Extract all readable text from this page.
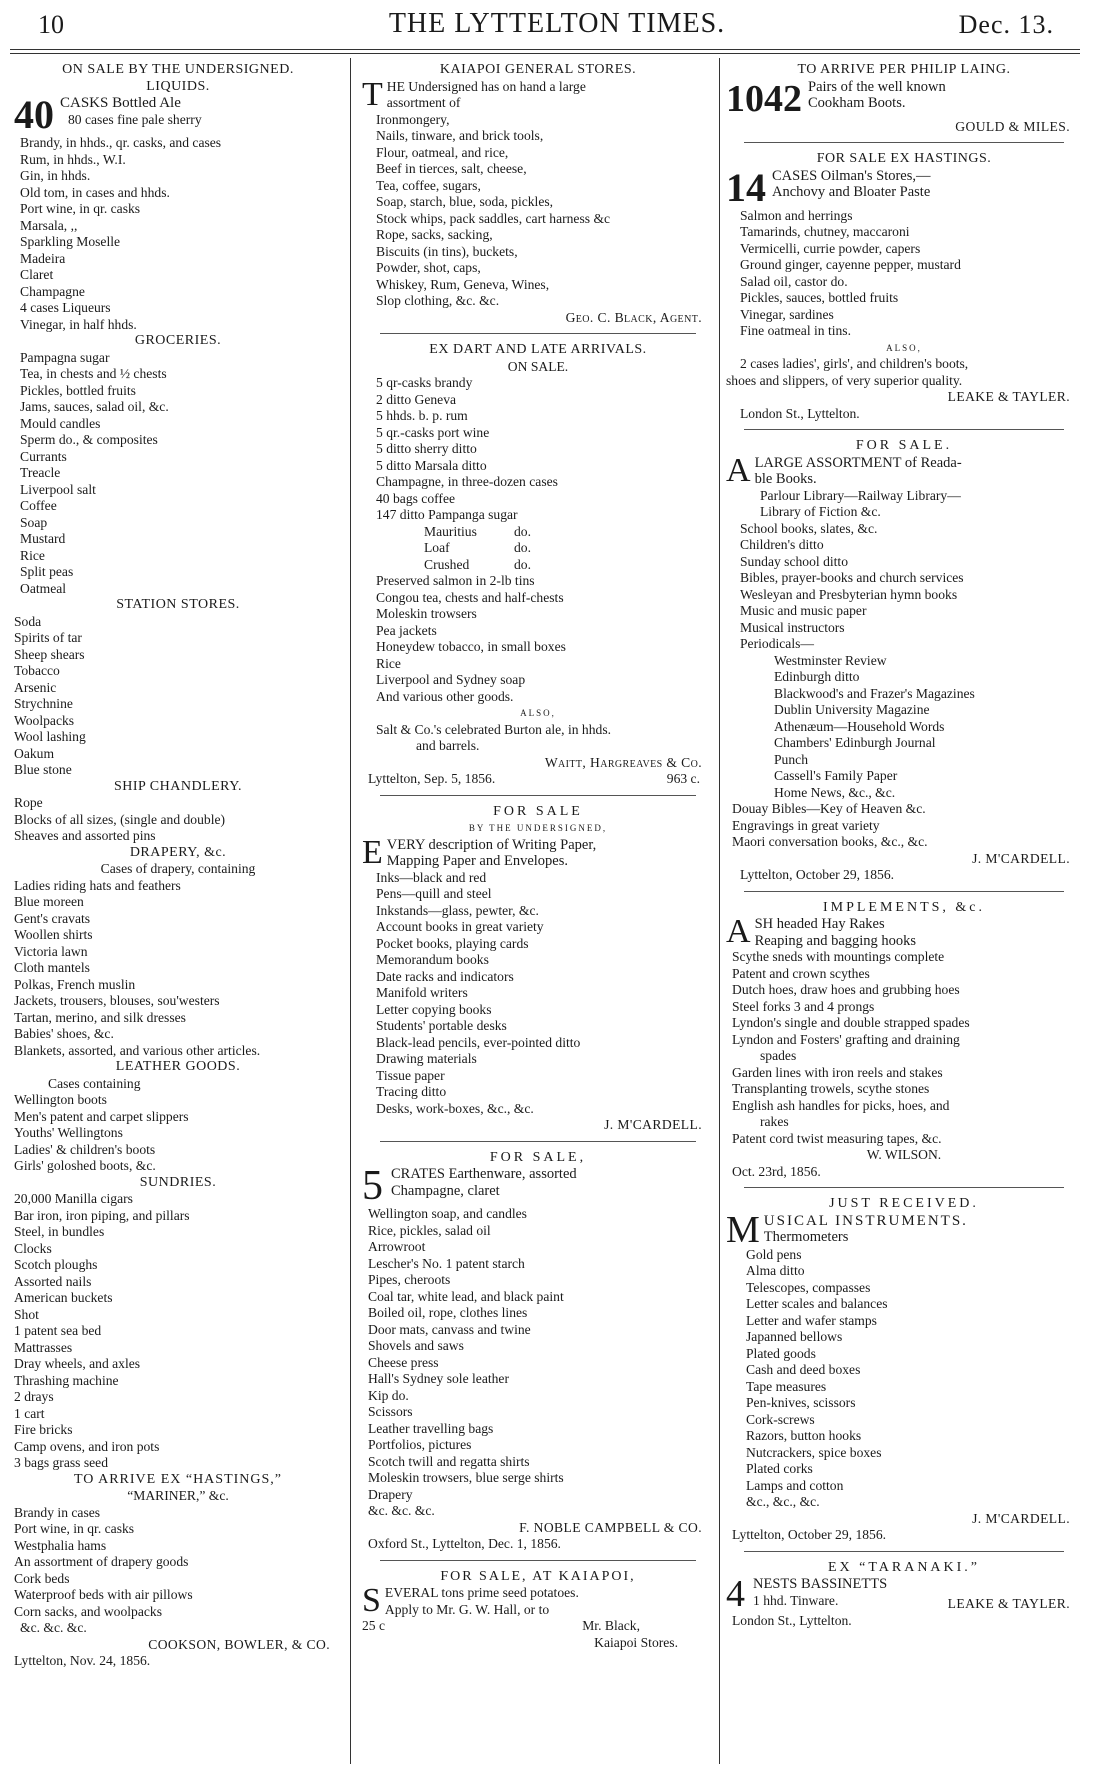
10	THE LYTTELTON TIMES.	Dec. 13.
ON SALE BY THE UNDERSIGNED.
LIQUIDS.
40 CASKS Bottled Ale
80 cases fine pale sherry
Brandy, in hhds., qr. casks, and cases
Rum, in hhds., W.I.
Gin, in hhds.
Old tom, in cases and hhds.
Port wine, in qr. casks
Marsala, ,,
Sparkling Moselle
Madeira
Claret
Champagne
4 cases Liqueurs
Vinegar, in half hhds.
GROCERIES.
Pampagna sugar
Tea, in chests and ½ chests
Pickles, bottled fruits
Jams, sauces, salad oil, &c.
Mould candles
Sperm do., & composites
Currants
Treacle
Liverpool salt
Coffee
Soap
Mustard
Rice
Split peas
Oatmeal
STATION STORES.
Soda
Spirits of tar
Sheep shears
Tobacco
Arsenic
Strychnine
Woolpacks
Wool lashing
Oakum
Blue stone
SHIP CHANDLERY.
Rope
Blocks of all sizes, (single and double)
Sheaves and assorted pins
DRAPERY, &c.
Cases of drapery, containing
Ladies riding hats and feathers
Blue moreen
Gent's cravats
Woollen shirts
Victoria lawn
Cloth mantels
Polkas, French muslin
Jackets, trousers, blouses, sou'westers
Tartan, merino, and silk dresses
Babies' shoes, &c.
Blankets, assorted, and various other articles.
LEATHER GOODS.
Cases containing
Wellington boots
Men's patent and carpet slippers
Youths' Wellingtons
Ladies' & children's boots
Girls' goloshed boots, &c.
SUNDRIES.
20,000 Manilla cigars
Bar iron, iron piping, and pillars
Steel, in bundles
Clocks
Scotch ploughs
Assorted nails
American buckets
Shot
1 patent sea bed
Mattrasses
Dray wheels, and axles
Thrashing machine
2 drays
1 cart
Fire bricks
Camp ovens, and iron pots
3 bags grass seed
TO ARRIVE EX “HASTINGS,”
“MARINER,” &c.
Brandy in cases
Port wine, in qr. casks
Westphalia hams
An assortment of drapery goods
Cork beds
Waterproof beds with air pillows
Corn sacks, and woolpacks
&c. &c. &c.
COOKSON, BOWLER, & CO.
Lyttelton, Nov. 24, 1856.
KAIAPOI GENERAL STORES.
T HE Undersigned has on hand a large
assortment of
Ironmongery,
Nails, tinware, and brick tools,
Flour, oatmeal, and rice,
Beef in tierces, salt, cheese,
Tea, coffee, sugars,
Soap, starch, blue, soda, pickles,
Stock whips, pack saddles, cart harness &c
Rope, sacks, sacking,
Biscuits (in tins), buckets,
Powder, shot, caps,
Whiskey, Rum, Geneva, Wines,
Slop clothing, &c. &c.
Geo. C. Black, Agent.
EX DART AND LATE ARRIVALS.
ON SALE.
5 qr-casks brandy
2 ditto Geneva
5 hhds. b. p. rum
5 qr.-casks port wine
5 ditto sherry ditto
5 ditto Marsala ditto
Champagne, in three-dozen cases
40 bags coffee
147 ditto Pampanga sugar
Mauritius	do.
Loaf	do.
Crushed	do.
Preserved salmon in 2-lb tins
Congou tea, chests and half-chests
Moleskin trowsers
Pea jackets
Honeydew tobacco, in small boxes
Rice
Liverpool and Sydney soap
And various other goods.
ALSO,
Salt & Co.'s celebrated Burton ale, in hhds.
and barrels.
Waitt, Hargreaves & Co.
Lyttelton, Sep. 5, 1856.	963 c.
FOR SALE
BY THE UNDERSIGNED,
E VERY description of Writing Paper,
Mapping Paper and Envelopes.
Inks—black and red
Pens—quill and steel
Inkstands—glass, pewter, &c.
Account books in great variety
Pocket books, playing cards
Memorandum books
Date racks and indicators
Manifold writers
Letter copying books
Students' portable desks
Black-lead pencils, ever-pointed ditto
Drawing materials
Tissue paper
Tracing ditto
Desks, work-boxes, &c., &c.
J. M'CARDELL.
FOR SALE,
5 CRATES Earthenware, assorted
Champagne, claret
Wellington soap, and candles
Rice, pickles, salad oil
Arrowroot
Lescher's No. 1 patent starch
Pipes, cheroots
Coal tar, white lead, and black paint
Boiled oil, rope, clothes lines
Door mats, canvass and twine
Shovels and saws
Cheese press
Hall's Sydney sole leather
Kip do.
Scissors
Leather travelling bags
Portfolios, pictures
Scotch twill and regatta shirts
Moleskin trowsers, blue serge shirts
Drapery
&c. &c. &c.
F. NOBLE CAMPBELL & CO.
Oxford St., Lyttelton, Dec. 1, 1856.
FOR SALE, AT KAIAPOI,
S EVERAL tons prime seed potatoes.
Apply to Mr. G. W. Hall, or to
25 c	Mr. Black,
Kaiapoi Stores.
TO ARRIVE PER PHILIP LAING.
1042 Pairs of the well known
Cookham Boots.
GOULD & MILES.
FOR SALE EX HASTINGS.
14 CASES Oilman's Stores,—
Anchovy and Bloater Paste
Salmon and herrings
Tamarinds, chutney, maccaroni
Vermicelli, currie powder, capers
Ground ginger, cayenne pepper, mustard
Salad oil, castor do.
Pickles, sauces, bottled fruits
Vinegar, sardines
Fine oatmeal in tins.
ALSO,
2 cases ladies', girls', and children's boots,
shoes and slippers, of very superior quality.
LEAKE & TAYLER.
London St., Lyttelton.
FOR SALE.
A LARGE ASSORTMENT of Reada-
ble Books.
Parlour Library—Railway Library—
Library of Fiction &c.
School books, slates, &c.
Children's ditto
Sunday school ditto
Bibles, prayer-books and church services
Wesleyan and Presbyterian hymn books
Music and music paper
Musical instructors
Periodicals—
Westminster Review
Edinburgh ditto
Blackwood's and Frazer's Magazines
Dublin University Magazine
Athenæum—Household Words
Chambers' Edinburgh Journal
Punch
Cassell's Family Paper
Home News, &c., &c.
Douay Bibles—Key of Heaven &c.
Engravings in great variety
Maori conversation books, &c., &c.
J. M'CARDELL.
Lyttelton, October 29, 1856.
IMPLEMENTS, &c.
A SH headed Hay Rakes
Reaping and bagging hooks
Scythe sneds with mountings complete
Patent and crown scythes
Dutch hoes, draw hoes and grubbing hoes
Steel forks 3 and 4 prongs
Lyndon's single and double strapped spades
Lyndon and Fosters' grafting and draining
spades
Garden lines with iron reels and stakes
Transplanting trowels, scythe stones
English ash handles for picks, hoes, and
rakes
Patent cord twist measuring tapes, &c.
W. WILSON.
Oct. 23rd, 1856.
JUST RECEIVED.
M USICAL INSTRUMENTS.
Thermometers
Gold pens
Alma ditto
Telescopes, compasses
Letter scales and balances
Letter and wafer stamps
Japanned bellows
Plated goods
Cash and deed boxes
Tape measures
Pen-knives, scissors
Cork-screws
Razors, button hooks
Nutcrackers, spice boxes
Plated corks
Lamps and cotton
&c., &c., &c.
J. M'CARDELL.
Lyttelton, October 29, 1856.
EX “TARANAKI.”
4 NESTS BASSINETTS
1 hhd. Tinware.	LEAKE & TAYLER.
London St., Lyttelton.
